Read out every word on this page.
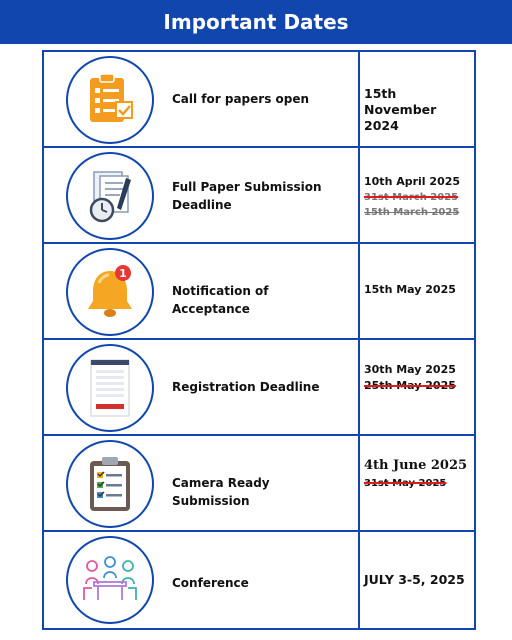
Important Dates
Call for papers open	15th November 2024
Full Paper Submission Deadline
10th April 2025
31st March 2025
15th March 2025
1
Notification of Acceptance
15th May 2025
Registration Deadline
30th May 2025
25th May 2025
Camera Ready Submission
4th June 2025
31st May 2025
Conference	JULY 3-5, 2025
